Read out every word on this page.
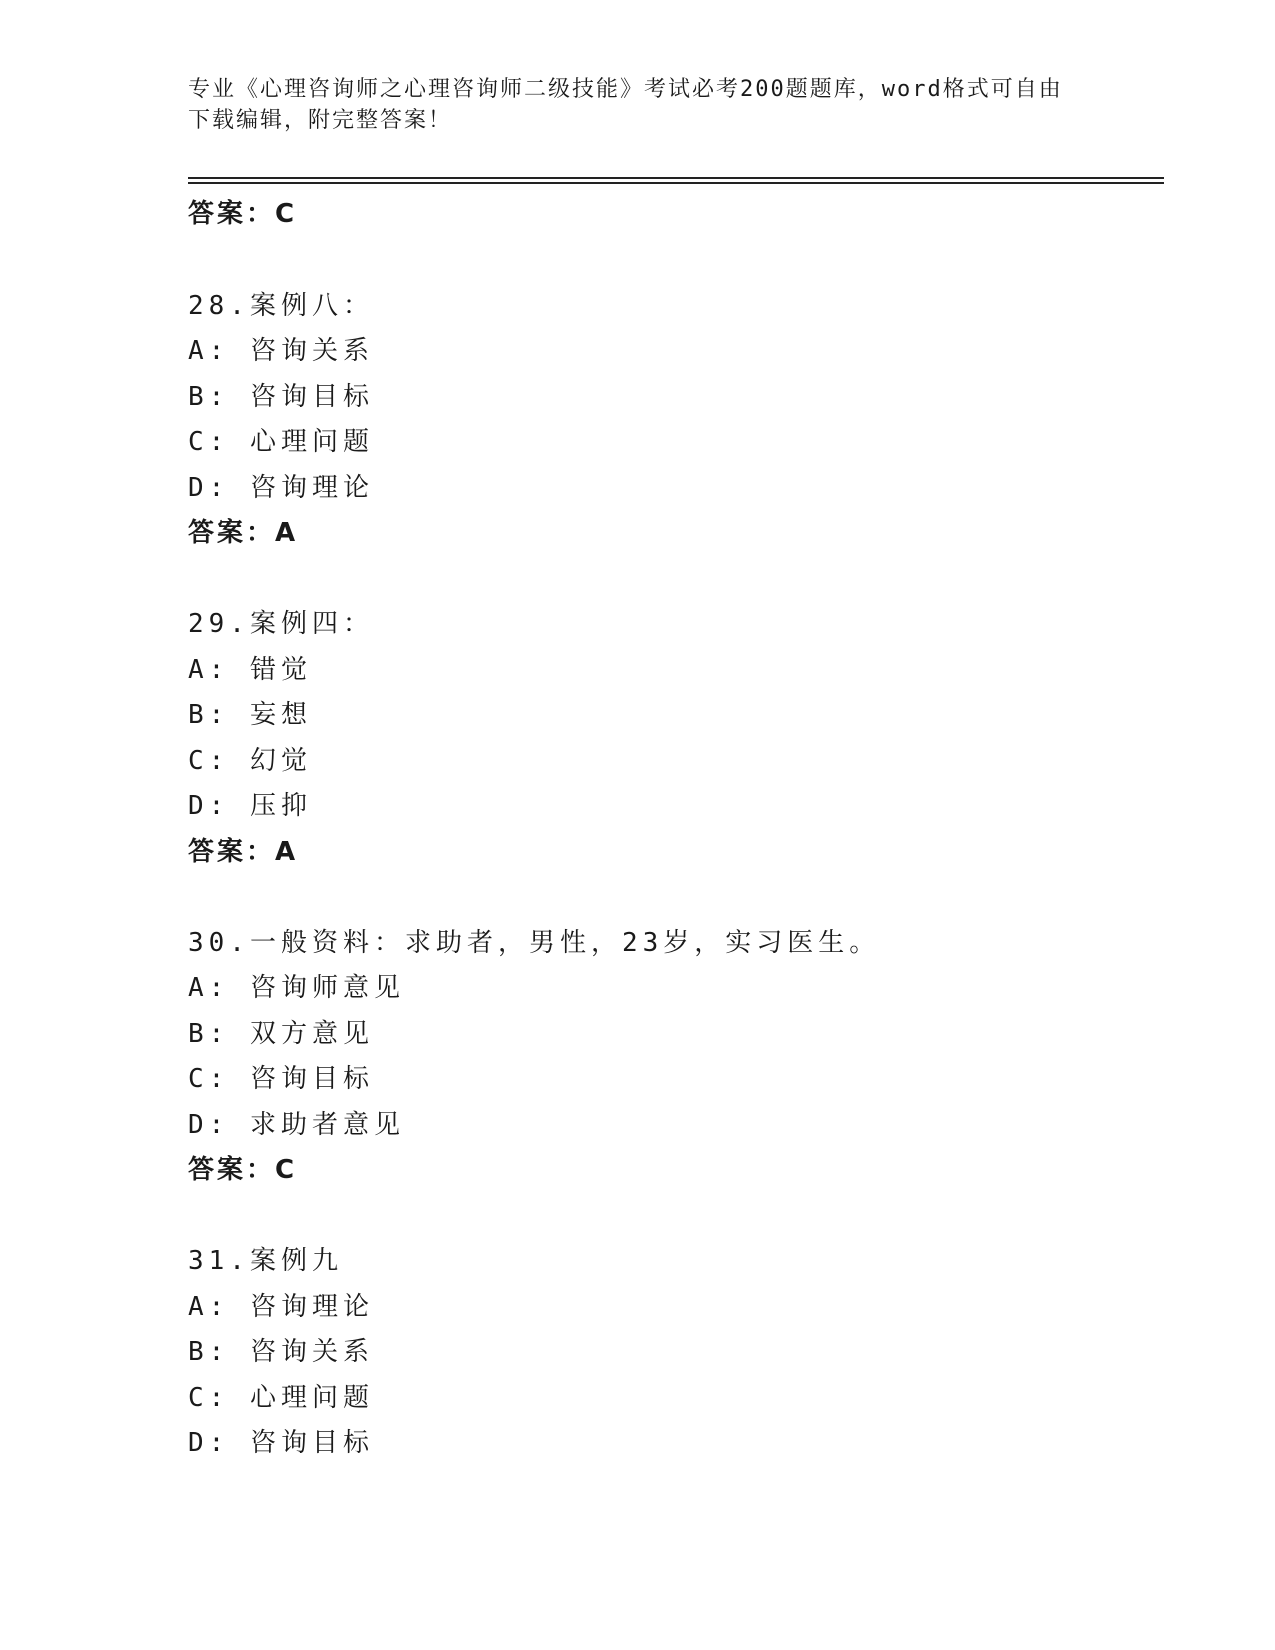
专业《心理咨询师之心理咨询师二级技能》考试必考200题题库，word格式可自由下载编辑，附完整答案！
答案：C
28.案例八：
A: 咨询关系
B: 咨询目标
C: 心理问题
D: 咨询理论
答案：A
29.案例四：
A: 错觉
B: 妄想
C: 幻觉
D: 压抑
答案：A
30.一般资料：求助者，男性，23岁，实习医生。
A: 咨询师意见
B: 双方意见
C: 咨询目标
D: 求助者意见
答案：C
31.案例九
A: 咨询理论
B: 咨询关系
C: 心理问题
D: 咨询目标
